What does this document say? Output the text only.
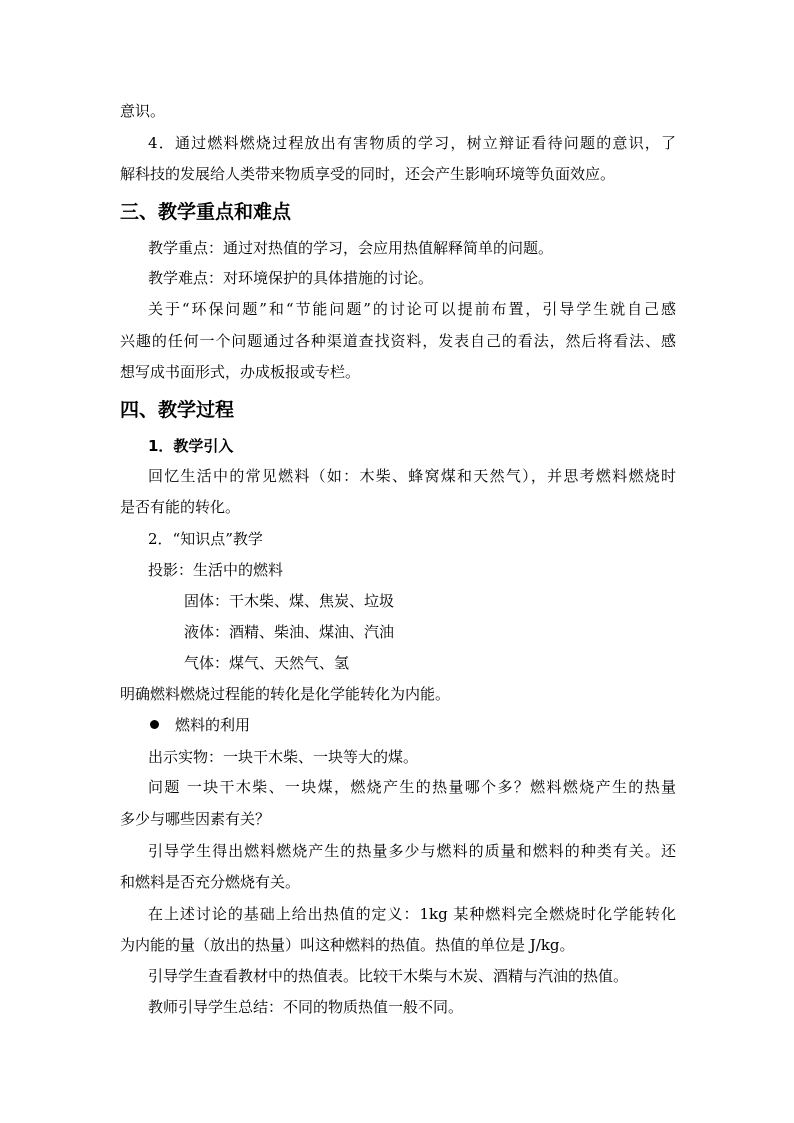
意识。
4．通过燃料燃烧过程放出有害物质的学习，树立辩证看待问题的意识，了
解科技的发展给人类带来物质享受的同时，还会产生影响环境等负面效应。
三、教学重点和难点
教学重点：通过对热值的学习，会应用热值解释简单的问题。
教学难点：对环境保护的具体措施的讨论。
关于“环保问题”和“节能问题”的讨论可以提前布置，引导学生就自己感
兴趣的任何一个问题通过各种渠道查找资料，发表自己的看法，然后将看法、感
想写成书面形式，办成板报或专栏。
四、教学过程
1．教学引入
回忆生活中的常见燃料（如：木柴、蜂窝煤和天然气），并思考燃料燃烧时
是否有能的转化。
2．“知识点”教学
投影：生活中的燃料
固体：干木柴、煤、焦炭、垃圾
液体：酒精、柴油、煤油、汽油
气体：煤气、天然气、氢
明确燃料燃烧过程能的转化是化学能转化为内能。
燃料的利用
出示实物：一块干木柴、一块等大的煤。
问题 一块干木柴、一块煤，燃烧产生的热量哪个多？燃料燃烧产生的热量
多少与哪些因素有关？
引导学生得出燃料燃烧产生的热量多少与燃料的质量和燃料的种类有关。还
和燃料是否充分燃烧有关。
在上述讨论的基础上给出热值的定义：1kg 某种燃料完全燃烧时化学能转化
为内能的量（放出的热量）叫这种燃料的热值。热值的单位是 J/kg。
引导学生查看教材中的热值表。比较干木柴与木炭、酒精与汽油的热值。
教师引导学生总结：不同的物质热值一般不同。
